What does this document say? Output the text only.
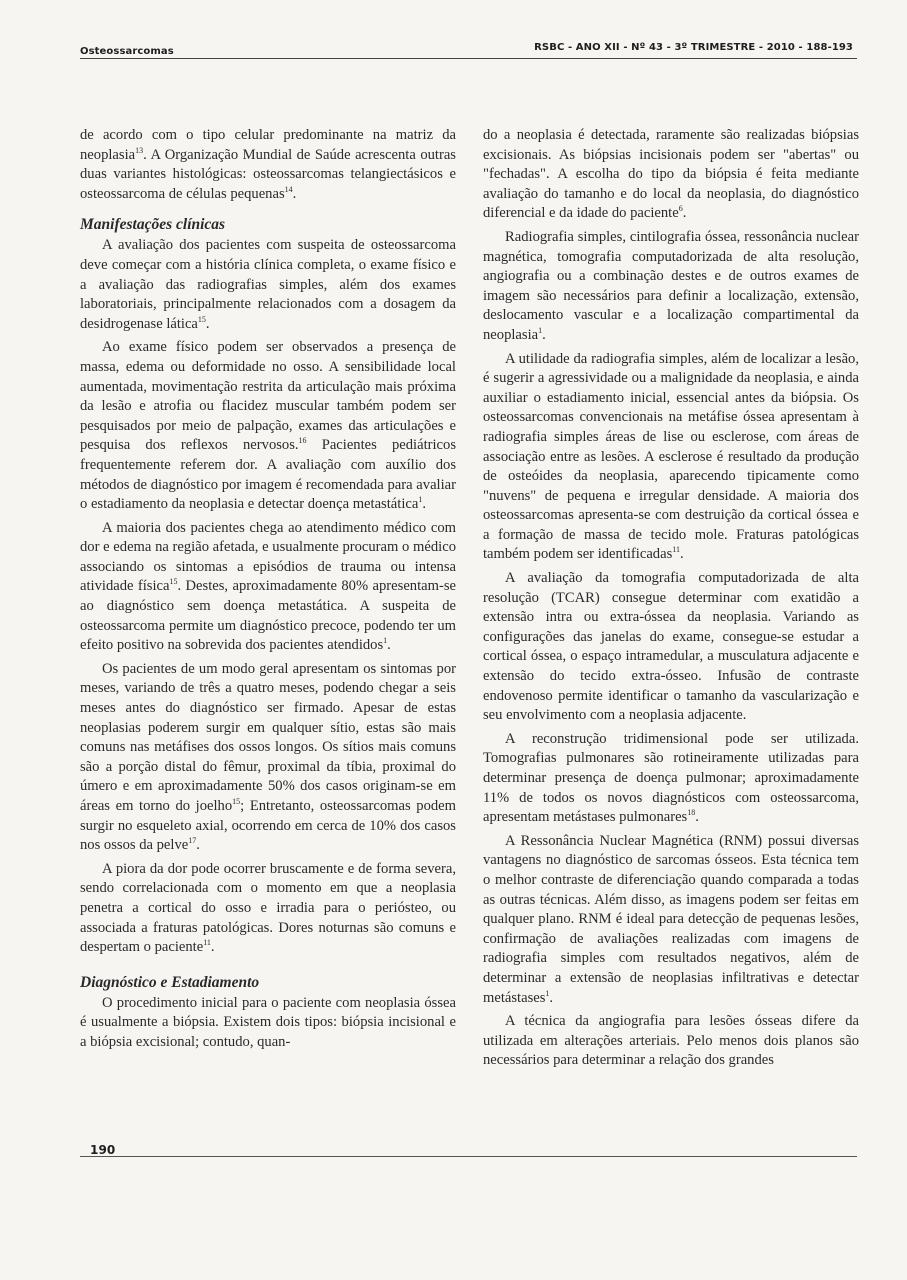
Osteossarcomas	RSBC - ANO XII - Nº 43 - 3º TRIMESTRE - 2010 - 188-193

de acordo com o tipo celular predominante na matriz da neoplasia$^{13}$. A Organização Mundial de Saúde acrescenta outras duas variantes histológicas: osteossarcomas telangiectásicos e osteossarcoma de células pequenas$^{14}$.

Manifestações clínicas

A avaliação dos pacientes com suspeita de osteossarcoma deve começar com a história clínica completa, o exame físico e a avaliação das radiografias simples, além dos exames laboratoriais, principalmente relacionados com a dosagem da desidrogenase lática$^{15}$.

Ao exame físico podem ser observados a presença de massa, edema ou deformidade no osso. A sensibilidade local aumentada, movimentação restrita da articulação mais próxima da lesão e atrofia ou flacidez muscular também podem ser pesquisados por meio de palpação, exames das articulações e pesquisa dos reflexos nervosos.$^{16}$ Pacientes pediátricos frequentemente referem dor. A avaliação com auxílio dos métodos de diagnóstico por imagem é recomendada para avaliar o estadiamento da neoplasia e detectar doença metastática$^1$.

A maioria dos pacientes chega ao atendimento médico com dor e edema na região afetada, e usualmente procuram o médico associando os sintomas a episódios de trauma ou intensa atividade física$^{15}$. Destes, aproximadamente 80% apresentam-se ao diagnóstico sem doença metastática. A suspeita de osteossarcoma permite um diagnóstico precoce, podendo ter um efeito positivo na sobrevida dos pacientes atendidos$^1$.

Os pacientes de um modo geral apresentam os sintomas por meses, variando de três a quatro meses, podendo chegar a seis meses antes do diagnóstico ser firmado. Apesar de estas neoplasias poderem surgir em qualquer sítio, estas são mais comuns nas metáfises dos ossos longos. Os sítios mais comuns são a porção distal do fêmur, proximal da tíbia, proximal do úmero e em aproximadamente 50% dos casos originam-se em áreas em torno do joelho$^{15}$; Entretanto, osteossarcomas podem surgir no esqueleto axial, ocorrendo em cerca de 10% dos casos nos ossos da pelve$^{17}$.

A piora da dor pode ocorrer bruscamente e de forma severa, sendo correlacionada com o momento em que a neoplasia penetra a cortical do osso e irradia para o periósteo, ou associada a fraturas patológicas. Dores noturnas são comuns e despertam o paciente$^{11}$.

Diagnóstico e Estadiamento

O procedimento inicial para o paciente com neoplasia óssea é usualmente a biópsia. Existem dois tipos: biópsia incisional e a biópsia excisional; contudo, quan-

do a neoplasia é detectada, raramente são realizadas biópsias excisionais. As biópsias incisionais podem ser "abertas" ou "fechadas". A escolha do tipo da biópsia é feita mediante avaliação do tamanho e do local da neoplasia, do diagnóstico diferencial e da idade do paciente$^6$.

Radiografia simples, cintilografia óssea, ressonância nuclear magnética, tomografia computadorizada de alta resolução, angiografia ou a combinação destes e de outros exames de imagem são necessários para definir a localização, extensão, deslocamento vascular e a localização compartimental da neoplasia$^1$.

A utilidade da radiografia simples, além de localizar a lesão, é sugerir a agressividade ou a malignidade da neoplasia, e ainda auxiliar o estadiamento inicial, essencial antes da biópsia. Os osteossarcomas convencionais na metáfise óssea apresentam à radiografia simples áreas de lise ou esclerose, com áreas de associação entre as lesões. A esclerose é resultado da produção de osteóides da neoplasia, aparecendo tipicamente como "nuvens" de pequena e irregular densidade. A maioria dos osteossarcomas apresenta-se com destruição da cortical óssea e a formação de massa de tecido mole. Fraturas patológicas também podem ser identificadas$^{11}$.

A avaliação da tomografia computadorizada de alta resolução (TCAR) consegue determinar com exatidão a extensão intra ou extra-óssea da neoplasia. Variando as configurações das janelas do exame, consegue-se estudar a cortical óssea, o espaço intramedular, a musculatura adjacente e extensão do tecido extra-ósseo. Infusão de contraste endovenoso permite identificar o tamanho da vascularização e seu envolvimento com a neoplasia adjacente.

A reconstrução tridimensional pode ser utilizada. Tomografias pulmonares são rotineiramente utilizadas para determinar presença de doença pulmonar; aproximadamente 11% de todos os novos diagnósticos com osteossarcoma, apresentam metástases pulmonares$^{18}$.

A Ressonância Nuclear Magnética (RNM) possui diversas vantagens no diagnóstico de sarcomas ósseos. Esta técnica tem o melhor contraste de diferenciação quando comparada a todas as outras técnicas. Além disso, as imagens podem ser feitas em qualquer plano. RNM é ideal para detecção de pequenas lesões, confirmação de avaliações realizadas com imagens de radiografia simples com resultados negativos, além de determinar a extensão de neoplasias infiltrativas e detectar metástases$^1$.

A técnica da angiografia para lesões ósseas difere da utilizada em alterações arteriais. Pelo menos dois planos são necessários para determinar a relação dos grandes

190
